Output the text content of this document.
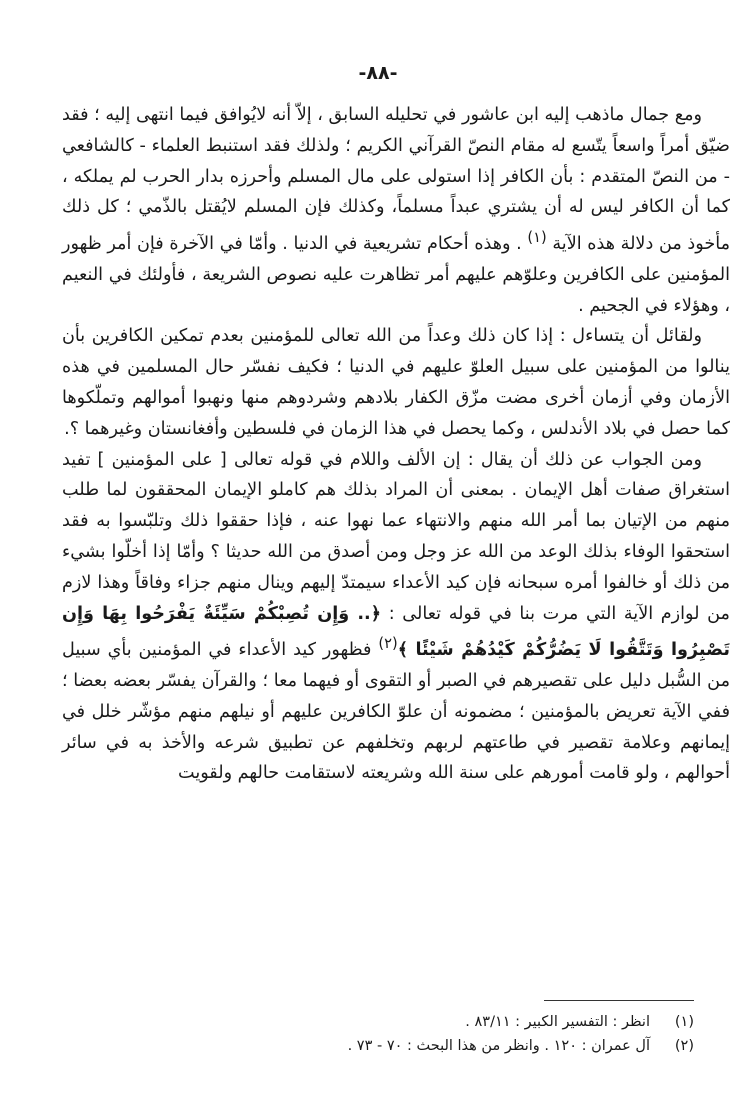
-٨٨-

ومع جمال ماذهب إليه ابن عاشور في تحليله السابق ، إلاّ أنه لايُوافق فيما انتهى إليه ؛ فقد ضيّق أمراً واسعاً يتّسع له مقام النصّ القرآني الكريم ؛ ولذلك فقد استنبط العلماء - كالشافعي - من النصّ المتقدم : بأن الكافر إذا استولى على مال المسلم وأحرزه بدار الحرب لم يملكه ، كما أن الكافر ليس له أن يشتري عبداً مسلماً، وكذلك فإن المسلم لايُقتل بالذّمي ؛ كل ذلك مأخوذ من دلالة هذه الآية $^{(١)}$ . وهذه أحكام تشريعية في الدنيا . وأمّا في الآخرة فإن أمر ظهور المؤمنين على الكافرين وعلوّهم عليهم أمر تظاهرت عليه نصوص الشريعة ، فأولئك في النعيم ، وهؤلاء في الجحيم .

ولقائل أن يتساءل : إذا كان ذلك وعداً من الله تعالى للمؤمنين بعدم تمكين الكافرين بأن ينالوا من المؤمنين على سبيل العلوّ عليهم في الدنيا ؛ فكيف نفسّر حال المسلمين في هذه الأزمان وفي أزمان أخرى مضت مزّق الكفار بلادهم وشردوهم منها ونهبوا أموالهم وتملّكوها كما حصل في بلاد الأندلس ، وكما يحصل في هذا الزمان في فلسطين وأفغانستان وغيرهما ؟.

ومن الجواب عن ذلك أن يقال : إن الألف واللام في قوله تعالى [ على المؤمنين ] تفيد استغراق صفات أهل الإيمان . بمعنى أن المراد بذلك هم كاملو الإيمان المحققون لما طلب منهم من الإتيان بما أمر الله منهم والانتهاء عما نهوا عنه ، فإذا حققوا ذلك وتلبّسوا به فقد استحقوا الوفاء بذلك الوعد من الله عز وجل ومن أصدق من الله حديثا ؟ وأمّا إذا أخلّوا بشيء من ذلك أو خالفوا أمره سبحانه فإن كيد الأعداء سيمتدّ إليهم وينال منهم جزاء وفاقاً وهذا لازم من لوازم الآية التي مرت بنا في قوله تعالى : ﴿.. وَإِن تُصِبْكُمْ سَيِّئَةٌ يَفْرَحُوا بِهَا وَإِن تَصْبِرُوا وَتَتَّقُوا لَا يَضُرُّكُمْ كَيْدُهُمْ شَيْئًا ﴾$^{(٢)}$ فظهور كيد الأعداء في المؤمنين بأي سبيل من السُّبل دليل على تقصيرهم في الصبر أو التقوى أو فيهما معا ؛ والقرآن يفسّر بعضه بعضا ؛ ففي الآية تعريض بالمؤمنين ؛ مضمونه أن علوّ الكافرين عليهم أو نيلهم منهم مؤشّر خلل في إيمانهم وعلامة تقصير في طاعتهم لربهم وتخلفهم عن تطبيق شرعه والأخذ به في سائر أحوالهم ، ولو قامت أمورهم على سنة الله وشريعته لاستقامت حالهم ولقويت

(١)
انظر : التفسير الكبير : ٨٣/١١ .
(٢)
آل عمران : ١٢٠ . وانظر من هذا البحث : ٧٠ - ٧٣ .
